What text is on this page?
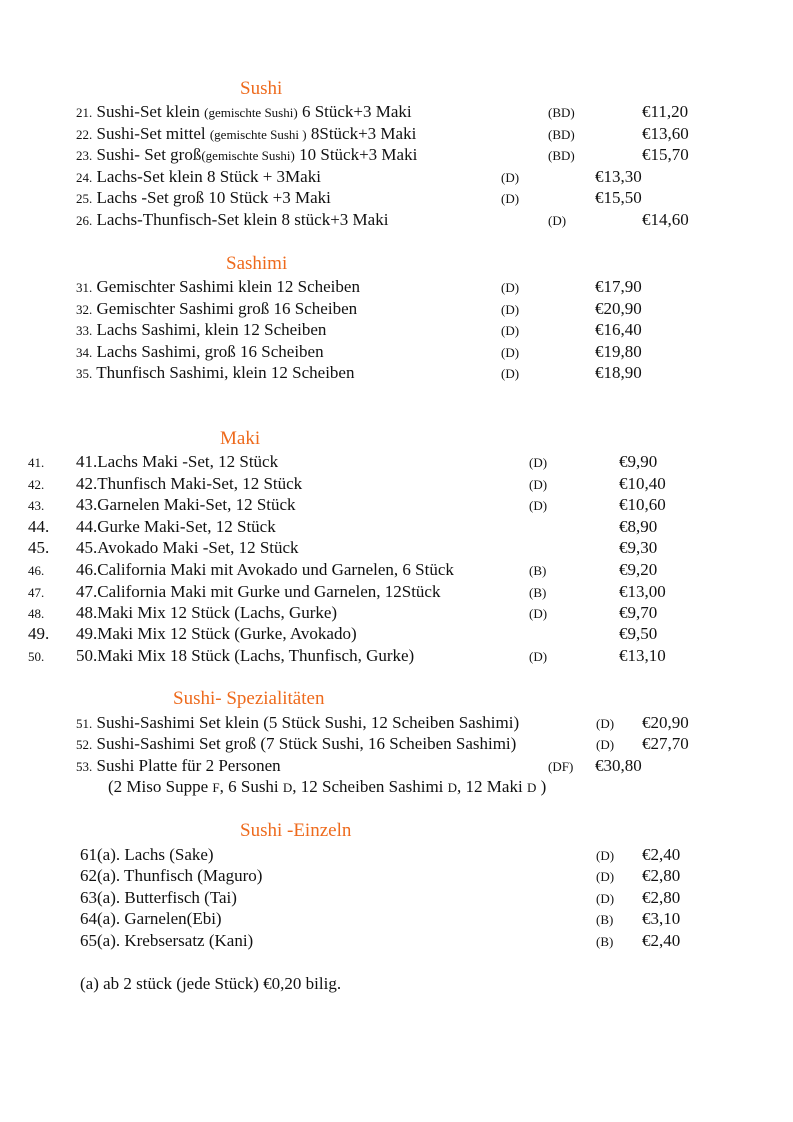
Sushi
21. Sushi-Set klein (gemischte Sushi) 6 Stück+3 Maki	(BD)	€11,20
22. Sushi-Set mittel (gemischte Sushi ) 8Stück+3 Maki	(BD)	€13,60
23. Sushi- Set groß(gemischte Sushi) 10 Stück+3 Maki	(BD)	€15,70
24. Lachs-Set klein 8 Stück + 3Maki	(D)	€13,30
25. Lachs -Set groß 10 Stück +3 Maki	(D)	€15,50
26. Lachs-Thunfisch-Set klein 8 stück+3 Maki	(D)	€14,60
Sashimi
31. Gemischter Sashimi klein 12 Scheiben	(D)	€17,90
32. Gemischter Sashimi groß 16 Scheiben	(D)	€20,90
33. Lachs Sashimi, klein 12 Scheiben	(D)	€16,40
34. Lachs Sashimi, groß 16 Scheiben	(D)	€19,80
35. Thunfisch Sashimi, klein 12 Scheiben	(D)	€18,90
Maki
41. 41.Lachs Maki -Set, 12 Stück	(D)	€9,90
42. 42.Thunfisch Maki-Set, 12 Stück	(D)	€10,40
43. 43.Garnelen Maki-Set, 12 Stück	(D)	€10,60
44. 44.Gurke Maki-Set, 12 Stück	€8,90
45. 45.Avokado Maki -Set, 12 Stück	€9,30
46. 46.California Maki mit Avokado und Garnelen, 6 Stück	(B)	€9,20
47. 47.California Maki mit Gurke und Garnelen, 12Stück	(B)	€13,00
48. 48.Maki Mix 12 Stück (Lachs, Gurke)	(D)	€9,70
49. 49.Maki Mix 12 Stück (Gurke, Avokado)	€9,50
50. 50.Maki Mix 18 Stück (Lachs, Thunfisch, Gurke)	(D)	€13,10
Sushi- Spezialitäten
51. Sushi-Sashimi Set klein (5 Stück Sushi, 12 Scheiben Sashimi)	(D) €20,90
52. Sushi-Sashimi Set groß (7 Stück Sushi, 16 Scheiben Sashimi)	(D) €27,70
53. Sushi Platte für 2 Personen	(DF) €30,80
(2 Miso Suppe F, 6 Sushi D, 12 Scheiben Sashimi D, 12 Maki D )
Sushi -Einzeln
61(a). Lachs (Sake)	(D) €2,40
62(a). Thunfisch (Maguro)	(D) €2,80
63(a). Butterfisch (Tai)	(D) €2,80
64(a). Garnelen(Ebi)	(B) €3,10
65(a). Krebsersatz (Kani)	(B) €2,40
(a) ab 2 stück (jede Stück) €0,20 bilig.
